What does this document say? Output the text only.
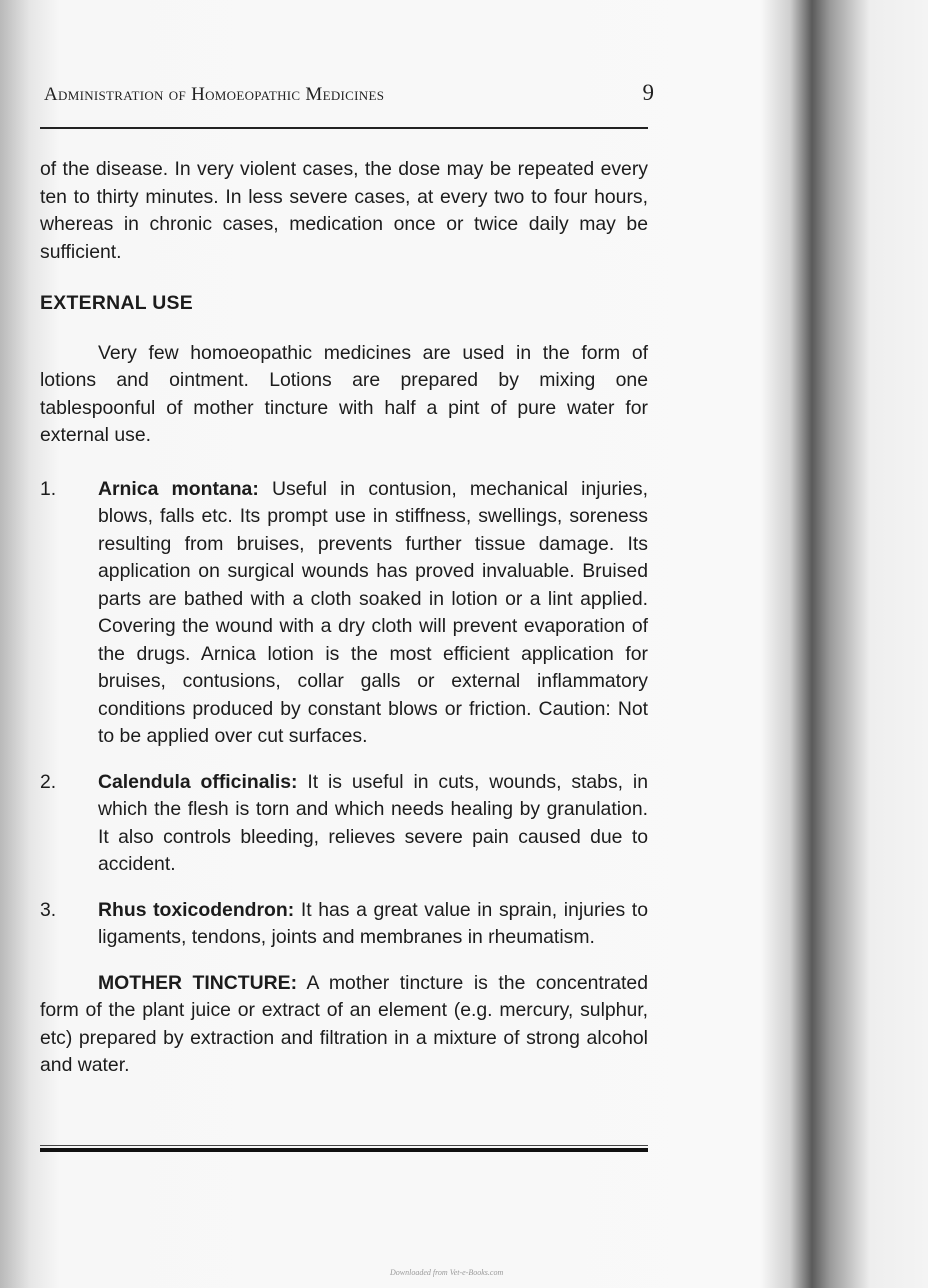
Administration of Homoeopathic Medicines	9

of the disease. In very violent cases, the dose may be repeated every ten to thirty minutes. In less severe cases, at every two to four hours, whereas in chronic cases, medication once or twice daily may be sufficient.

EXTERNAL USE

Very few homoeopathic medicines are used in the form of lotions and ointment. Lotions are prepared by mixing one tablespoonful of mother tincture with half a pint of pure water for external use.

1. Arnica montana: Useful in contusion, mechanical injuries, blows, falls etc. Its prompt use in stiffness, swellings, soreness resulting from bruises, prevents further tissue damage. Its application on surgical wounds has proved invaluable. Bruised parts are bathed with a cloth soaked in lotion or a lint applied. Covering the wound with a dry cloth will prevent evaporation of the drugs. Arnica lotion is the most efficient application for bruises, contusions, collar galls or external inflammatory conditions produced by constant blows or friction. Caution: Not to be applied over cut surfaces.

2. Calendula officinalis: It is useful in cuts, wounds, stabs, in which the flesh is torn and which needs healing by granulation. It also controls bleeding, relieves severe pain caused due to accident.

3. Rhus toxicodendron: It has a great value in sprain, injuries to ligaments, tendons, joints and membranes in rheumatism.

MOTHER TINCTURE: A mother tincture is the concentrated form of the plant juice or extract of an element (e.g. mercury, sulphur, etc) prepared by extraction and filtration in a mixture of strong alcohol and water.

Downloaded from Vet-e-Books.com
